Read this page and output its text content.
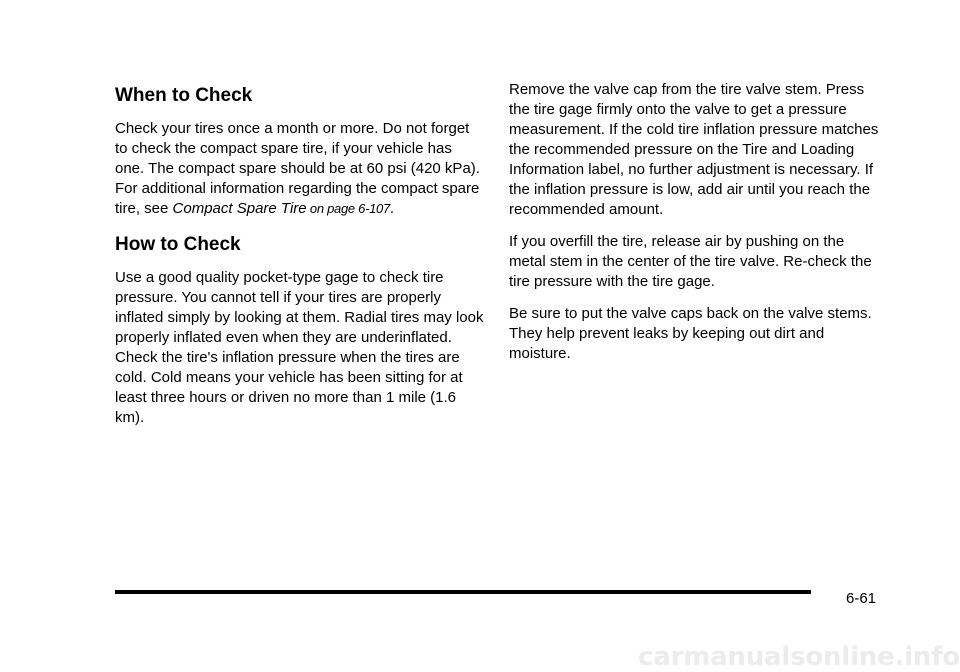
When to Check

Check your tires once a month or more. Do not forget to check the compact spare tire, if your vehicle has one. The compact spare should be at 60 psi (420 kPa). For additional information regarding the compact spare tire, see Compact Spare Tire on page 6-107.

How to Check

Use a good quality pocket-type gage to check tire pressure. You cannot tell if your tires are properly inflated simply by looking at them. Radial tires may look properly inflated even when they are underinflated. Check the tire's inflation pressure when the tires are cold. Cold means your vehicle has been sitting for at least three hours or driven no more than 1 mile (1.6 km).

Remove the valve cap from the tire valve stem. Press the tire gage firmly onto the valve to get a pressure measurement. If the cold tire inflation pressure matches the recommended pressure on the Tire and Loading Information label, no further adjustment is necessary. If the inflation pressure is low, add air until you reach the recommended amount.

If you overfill the tire, release air by pushing on the metal stem in the center of the tire valve. Re-check the tire pressure with the tire gage.

Be sure to put the valve caps back on the valve stems. They help prevent leaks by keeping out dirt and moisture.

6-61
carmanualsonline.info
